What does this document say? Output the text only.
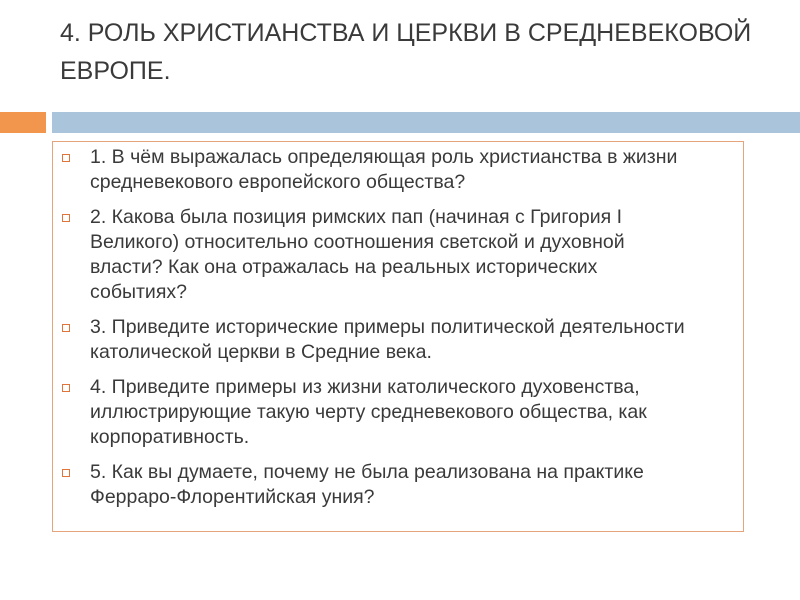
4. РОЛЬ ХРИСТИАНСТВА И ЦЕРКВИ В СРЕДНЕВЕКОВОЙ ЕВРОПЕ.
1. В чём выражалась определяющая роль христианства в жизни средневекового европейского общества?
2. Какова была позиция римских пап (начиная с Григория I Великого) относительно соотношения светской и духовной власти? Как она отражалась на реальных исторических событиях?
3. Приведите исторические примеры политической деятельности католической церкви в Средние века.
4. Приведите примеры из жизни католического духовенства, иллюстрирующие такую черту средневекового общества, как корпоративность.
5. Как вы думаете, почему не была реализована на практике Ферраро-Флорентийская уния?
